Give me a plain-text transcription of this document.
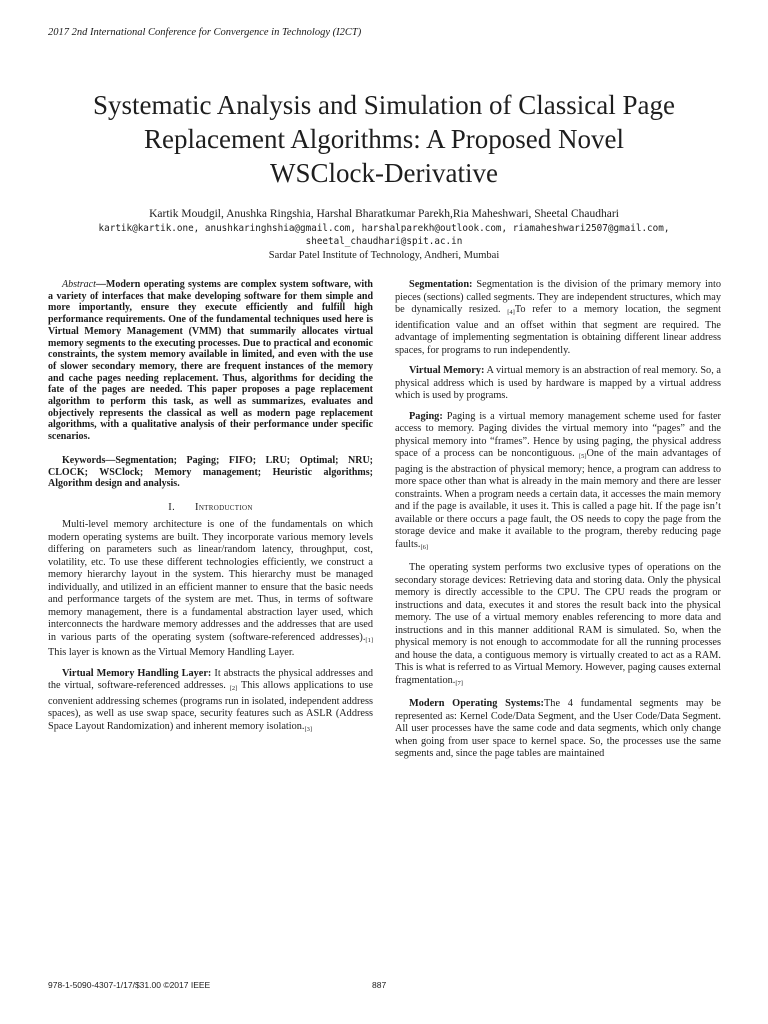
2017 2nd International Conference for Convergence in Technology (I2CT)
Systematic Analysis and Simulation of Classical Page
Replacement Algorithms: A Proposed Novel
WSClock-Derivative
Kartik Moudgil, Anushka Ringshia, Harshal Bharatkumar Parekh,Ria Maheshwari, Sheetal Chaudhari
kartik@kartik.one, anushkaringhshia@gmail.com, harshalparekh@outlook.com, riamaheshwari2507@gmail.com,
sheetal_chaudhari@spit.ac.in
Sardar Patel Institute of Technology, Andheri, Mumbai

Abstract—Modern operating systems are complex system software, with a variety of interfaces that make developing software for them simple and more importantly, ensure they execute efficiently and fulfill high performance requirements. One of the fundamental techniques used here is Virtual Memory Management (VMM) that summarily allocates virtual memory segments to the executing processes. Due to practical and economic constraints, the system memory available in limited, and even with the use of slower secondary memory, there are frequent instances of the memory and cache pages needing replacement. Thus, algorithms for deciding the fate of the pages are needed. This paper proposes a page replacement algorithm to perform this task, as well as summarizes, evaluates and objectively represents the classical as well as modern page replacement algorithms, with a qualitative analysis of their performance under specific scenarios.

Keywords—Segmentation; Paging; FIFO; LRU; Optimal; NRU; CLOCK; WSClock; Memory management; Heuristic algorithms; Algorithm design and analysis.

I. Introduction

Multi-level memory architecture is one of the fundamentals on which modern operating systems are built. They incorporate various memory levels differing on parameters such as linear/random latency, throughput, cost, volatility, etc. To use these different technologies efficiently, we construct a memory hierarchy layout in the system. This hierarchy must be managed individually, and utilized in an efficient manner to ensure that the basic needs and performance targets of the system are met. Thus, in terms of software memory management, there is a fundamental abstraction layer used, which interconnects the hardware memory addresses and the addresses that are used in various parts of the operating system (software-referenced addresses).[1] This layer is known as the Virtual Memory Handling Layer.

Virtual Memory Handling Layer: It abstracts the physical addresses and the virtual, software-referenced addresses. [2] This allows applications to use convenient addressing schemes (programs run in isolated, independent address spaces), as well as use swap space, security features such as ASLR (Address Space Layout Randomization) and inherent memory isolation.[3]

Segmentation: Segmentation is the division of the primary memory into pieces (sections) called segments. They are independent structures, which may be dynamically resized. [4]To refer to a memory location, the segment identification value and an offset within that segment are required. The advantage of implementing segmentation is obtaining different linear address spaces, for programs to run independently.

Virtual Memory: A virtual memory is an abstraction of real memory. So, a physical address which is used by hardware is mapped by a virtual address which is used by programs.

Paging: Paging is a virtual memory management scheme used for faster access to memory. Paging divides the virtual memory into “pages” and the physical memory into “frames”. Hence by using paging, the physical address space of a process can be noncontiguous. [5]One of the main advantages of paging is the abstraction of physical memory; hence, a program can address to more space other than what is already in the main memory and there are lesser constraints. When a program needs a certain data, it accesses the main memory and if the page is available, it uses it. This is called a page hit. If the page isn’t available or there occurs a page fault, the OS needs to copy the page from the storage device and make it available to the program, thereby reducing page faults.[6]

The operating system performs two exclusive types of operations on the secondary storage devices: Retrieving data and storing data. Only the physical memory is directly accessible to the CPU. The CPU reads the program or instructions and data, executes it and stores the result back into the physical memory. The use of a virtual memory enables referencing to more data and instructions and in this manner additional RAM is simulated. So, when the physical memory is not enough to accommodate for all the running processes and house the data, a contiguous memory is virtually created to act as a RAM. This is what is referred to as Virtual Memory. However, paging causes external fragmentation.[7]

Modern Operating Systems:The 4 fundamental segments may be represented as: Kernel Code/Data Segment, and the User Code/Data Segment. All user processes have the same code and data segments, which only change when going from user space to kernel space. So, the processes use the same segments and, since the page tables are maintained

978-1-5090-4307-1/17/$31.00 ©2017 IEEE	887
